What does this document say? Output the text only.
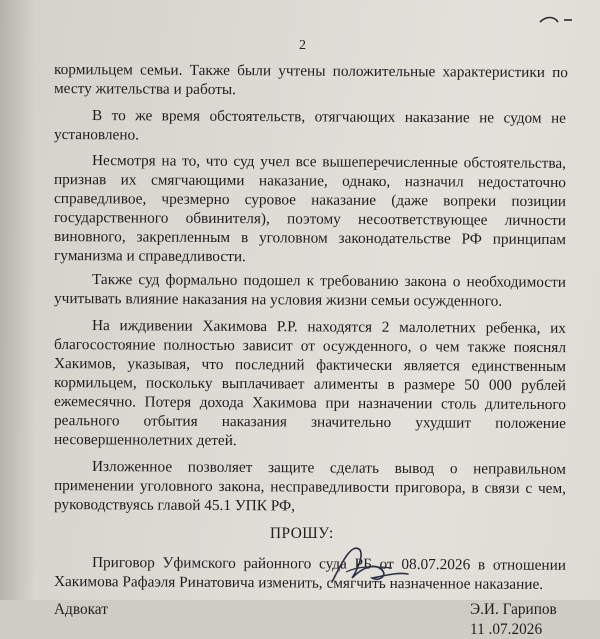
2
кормильцем семьи. Также были учтены положительные характеристики по
месту жительства и работы.
В то же время обстоятельств, отягчающих наказание не судом не
установлено.
Несмотря на то, что суд учел все вышеперечисленные обстоятельства,
признав их смягчающими наказание, однако, назначил недостаточно
справедливое, чрезмерно суровое наказание (даже вопреки позиции
государственного обвинителя), поэтому несоответствующее личности
виновного, закрепленным в уголовном законодательстве РФ принципам
гуманизма и справедливости.
Также суд формально подошел к требованию закона о необходимости
учитывать влияние наказания на условия жизни семьи осужденного.
На иждивении Хакимова Р.Р. находятся 2 малолетних ребенка, их
благосостояние полностью зависит от осужденного, о чем также пояснял
Хакимов, указывая, что последний фактически является единственным
кормильцем, поскольку выплачивает алименты в размере 50 000 рублей
ежемесячно. Потеря дохода Хакимова при назначении столь длительного
реального отбытия наказания значительно ухудшит положение
несовершеннолетних детей.
Изложенное позволяет защите сделать вывод о неправильном
применении уголовного закона, несправедливости приговора, в связи с чем,
руководствуясь главой 45.1 УПК РФ,
ПРОШУ:
Приговор Уфимского районного суда РБ от 08.07.2026 в отношении
Хакимова Рафаэля Ринатовича изменить, смягчить назначенное наказание.
Адвокат	Э.И. Гарипов
11 .07.2026
